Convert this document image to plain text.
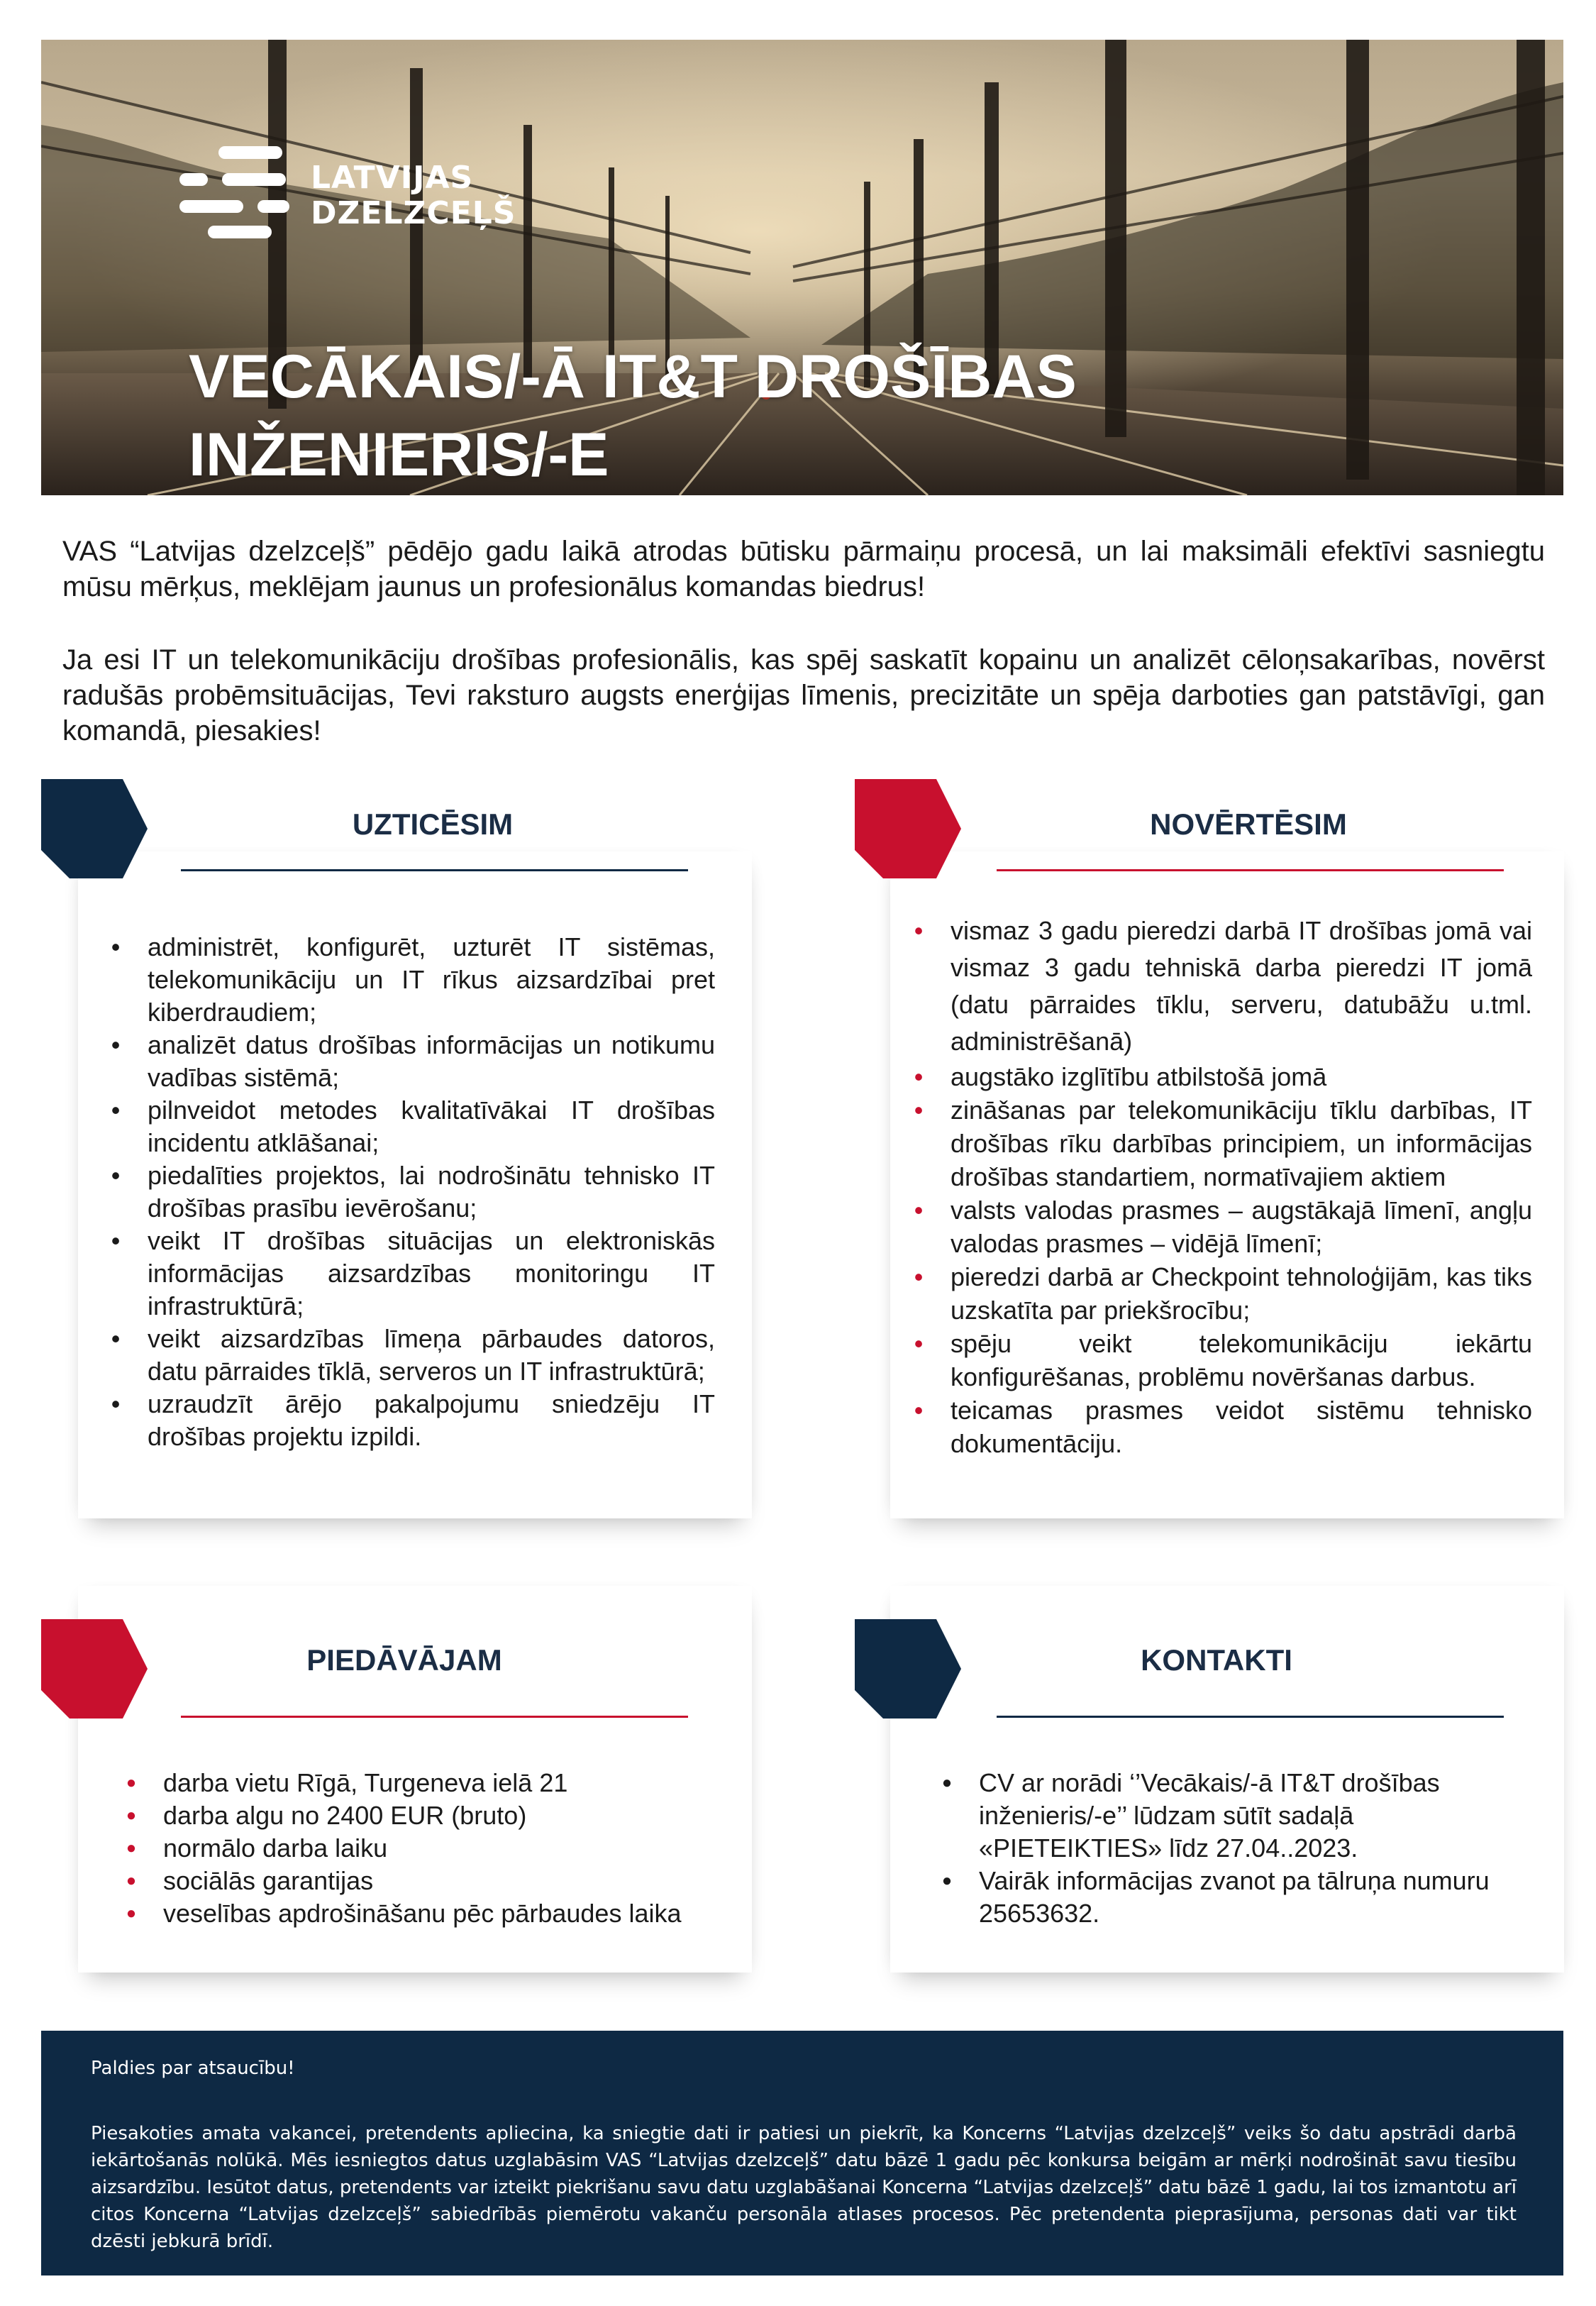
LATVIJAS
DZELZCEĻŠ
VECĀKAIS/-Ā IT&T DROŠĪBAS
INŽENIERIS/-E

VAS “Latvijas dzelzceļš” pēdējo gadu laikā atrodas būtisku pārmaiņu procesā, un lai maksimāli efektīvi sasniegtu mūsu mērķus, meklējam jaunus un profesionālus komandas biedrus!

Ja esi IT un telekomunikāciju drošības profesionālis, kas spēj saskatīt kopainu un analizēt cēloņsakarības, novērst radušās probēmsituācijas, Tevi raksturo augsts enerģijas līmenis, precizitāte un spēja darboties gan patstāvīgi, gan komandā, piesakies!

UZTICĒSIM
• administrēt, konfigurēt, uzturēt IT sistēmas, telekomunikāciju un IT rīkus aizsardzībai pret kiberdraudiem;
• analizēt datus drošības informācijas un notikumu vadības sistēmā;
• pilnveidot metodes kvalitatīvākai IT drošības incidentu atklāšanai;
• piedalīties projektos, lai nodrošinātu tehnisko IT drošības prasību ievērošanu;
• veikt IT drošības situācijas un elektroniskās informācijas aizsardzības monitoringu IT infrastruktūrā;
• veikt aizsardzības līmeņa pārbaudes datoros, datu pārraides tīklā, serveros un IT infrastruktūrā;
• uzraudzīt ārējo pakalpojumu sniedzēju IT drošības projektu izpildi.
NOVĒRTĒSIM
• vismaz 3 gadu pieredzi darbā IT drošības jomā vai vismaz 3 gadu tehniskā darba pieredzi IT jomā (datu pārraides tīklu, serveru, datubāžu u.tml. administrēšanā)
• augstāko izglītību atbilstošā jomā
• zināšanas par telekomunikāciju tīklu darbības, IT drošības rīku darbības principiem, un informācijas drošības standartiem, normatīvajiem aktiem
• valsts valodas prasmes – augstākajā līmenī, angļu valodas prasmes – vidējā līmenī;
• pieredzi darbā ar Checkpoint tehnoloģijām, kas tiks uzskatīta par priekšrocību;
• spēju veikt telekomunikāciju iekārtu konfigurēšanas, problēmu novēršanas darbus.
• teicamas prasmes veidot sistēmu tehnisko dokumentāciju.
PIEDĀVĀJAM
● darba vietu Rīgā, Turgeneva ielā 21
● darba algu no 2400 EUR (bruto)
● normālo darba laiku
● sociālās garantijas
● veselības apdrošināšanu pēc pārbaudes laika
KONTAKTI
● CV ar norādi ‘’Vecākais/-ā IT&T drošības inženieris/-e’’ lūdzam sūtīt sadaļā «PIETEIKTIES» līdz 27.04..2023.
● Vairāk informācijas zvanot pa tālruņa numuru 25653632.
Paldies par atsaucību!

Piesakoties amata vakancei, pretendents apliecina, ka sniegtie dati ir patiesi un piekrīt, ka Koncerns “Latvijas dzelzceļš” veiks šo datu apstrādi darbā iekārtošanās nolūkā. Mēs iesniegtos datus uzglabāsim VAS “Latvijas dzelzceļš” datu bāzē 1 gadu pēc konkursa beigām ar mērķi nodrošināt savu tiesību aizsardzību. Iesūtot datus, pretendents var izteikt piekrišanu savu datu uzglabāšanai Koncerna “Latvijas dzelzceļš” datu bāzē 1 gadu, lai tos izmantotu arī citos Koncerna “Latvijas dzelzceļš” sabiedrībās piemērotu vakanču personāla atlases procesos. Pēc pretendenta pieprasījuma, personas dati var tikt dzēsti jebkurā brīdī.
